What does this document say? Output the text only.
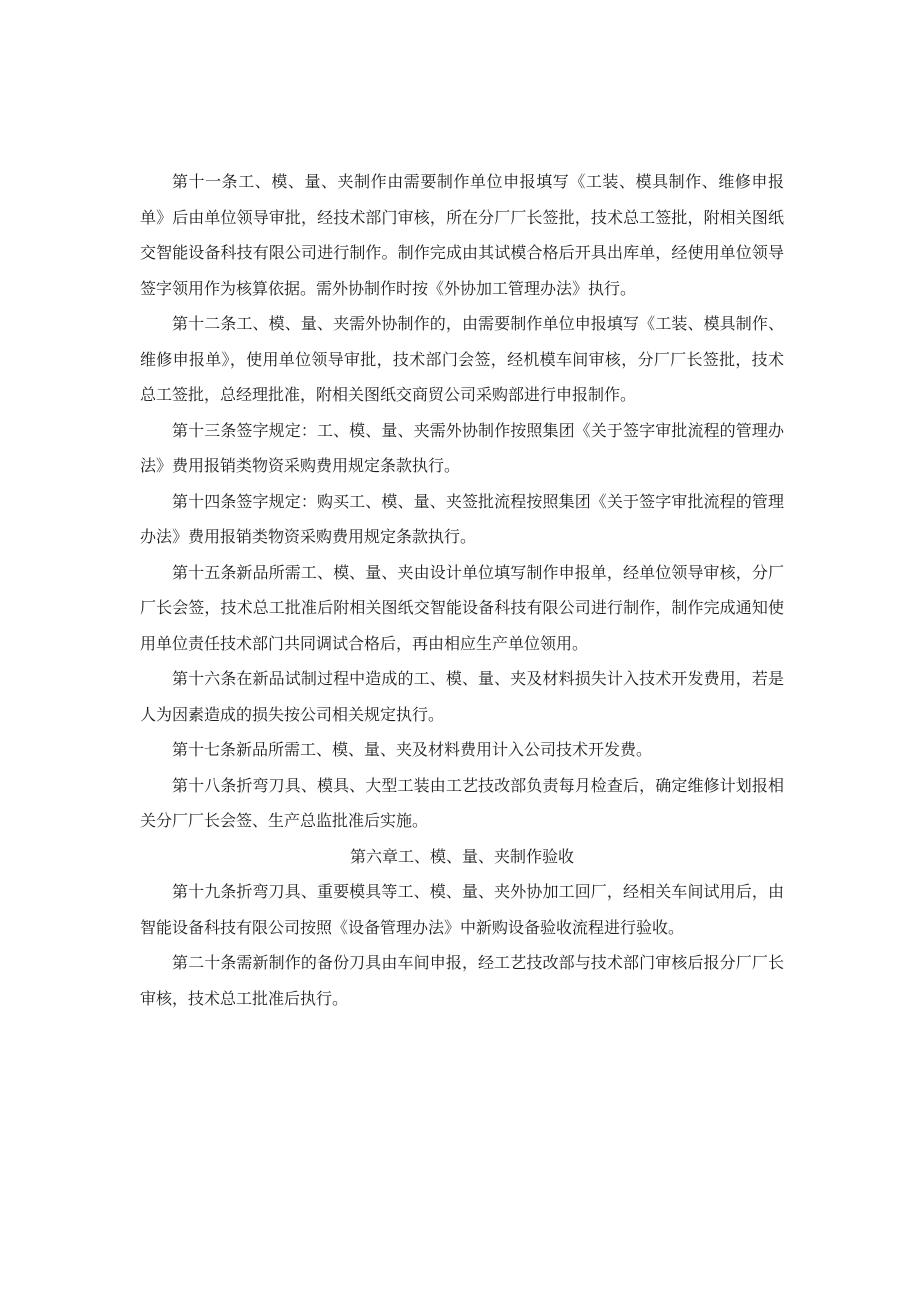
第十一条工、模、量、夹制作由需要制作单位申报填写《工装、模具制作、维修申报单》后由单位领导审批，经技术部门审核，所在分厂厂长签批，技术总工签批，附相关图纸交智能设备科技有限公司进行制作。制作完成由其试模合格后开具出库单，经使用单位领导签字领用作为核算依据。需外协制作时按《外协加工管理办法》执行。

第十二条工、模、量、夹需外协制作的，由需要制作单位申报填写《工装、模具制作、维修申报单》，使用单位领导审批，技术部门会签，经机模车间审核，分厂厂长签批，技术总工签批，总经理批准，附相关图纸交商贸公司采购部进行申报制作。

第十三条签字规定：工、模、量、夹需外协制作按照集团《关于签字审批流程的管理办法》费用报销类物资采购费用规定条款执行。

第十四条签字规定：购买工、模、量、夹签批流程按照集团《关于签字审批流程的管理办法》费用报销类物资采购费用规定条款执行。

第十五条新品所需工、模、量、夹由设计单位填写制作申报单，经单位领导审核，分厂厂长会签，技术总工批准后附相关图纸交智能设备科技有限公司进行制作，制作完成通知使用单位责任技术部门共同调试合格后，再由相应生产单位领用。

第十六条在新品试制过程中造成的工、模、量、夹及材料损失计入技术开发费用，若是人为因素造成的损失按公司相关规定执行。

第十七条新品所需工、模、量、夹及材料费用计入公司技术开发费。

第十八条折弯刀具、模具、大型工装由工艺技改部负责每月检查后，确定维修计划报相关分厂厂长会签、生产总监批准后实施。

第六章工、模、量、夹制作验收

第十九条折弯刀具、重要模具等工、模、量、夹外协加工回厂，经相关车间试用后，由智能设备科技有限公司按照《设备管理办法》中新购设备验收流程进行验收。

第二十条需新制作的备份刀具由车间申报，经工艺技改部与技术部门审核后报分厂厂长审核，技术总工批准后执行。
